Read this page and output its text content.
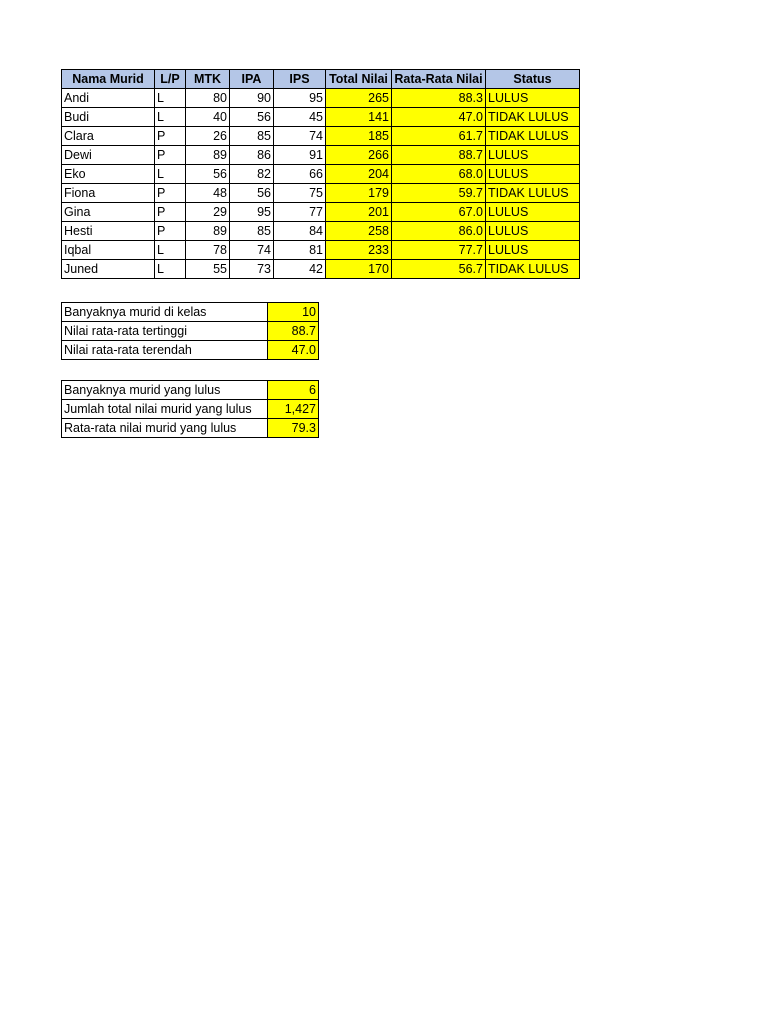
Nama Murid	L/P	MTK	IPA	IPS	Total Nilai	Rata-Rata Nilai	Status
Andi	L	80	90	95	265	88.3	LULUS
Budi	L	40	56	45	141	47.0	TIDAK LULUS
Clara	P	26	85	74	185	61.7	TIDAK LULUS
Dewi	P	89	86	91	266	88.7	LULUS
Eko	L	56	82	66	204	68.0	LULUS
Fiona	P	48	56	75	179	59.7	TIDAK LULUS
Gina	P	29	95	77	201	67.0	LULUS
Hesti	P	89	85	84	258	86.0	LULUS
Iqbal	L	78	74	81	233	77.7	LULUS
Juned	L	55	73	42	170	56.7	TIDAK LULUS
Banyaknya murid di kelas	10
Nilai rata-rata tertinggi	88.7
Nilai rata-rata terendah	47.0
Banyaknya murid yang lulus	6
Jumlah total nilai murid yang lulus	1,427
Rata-rata nilai murid yang lulus	79.3
